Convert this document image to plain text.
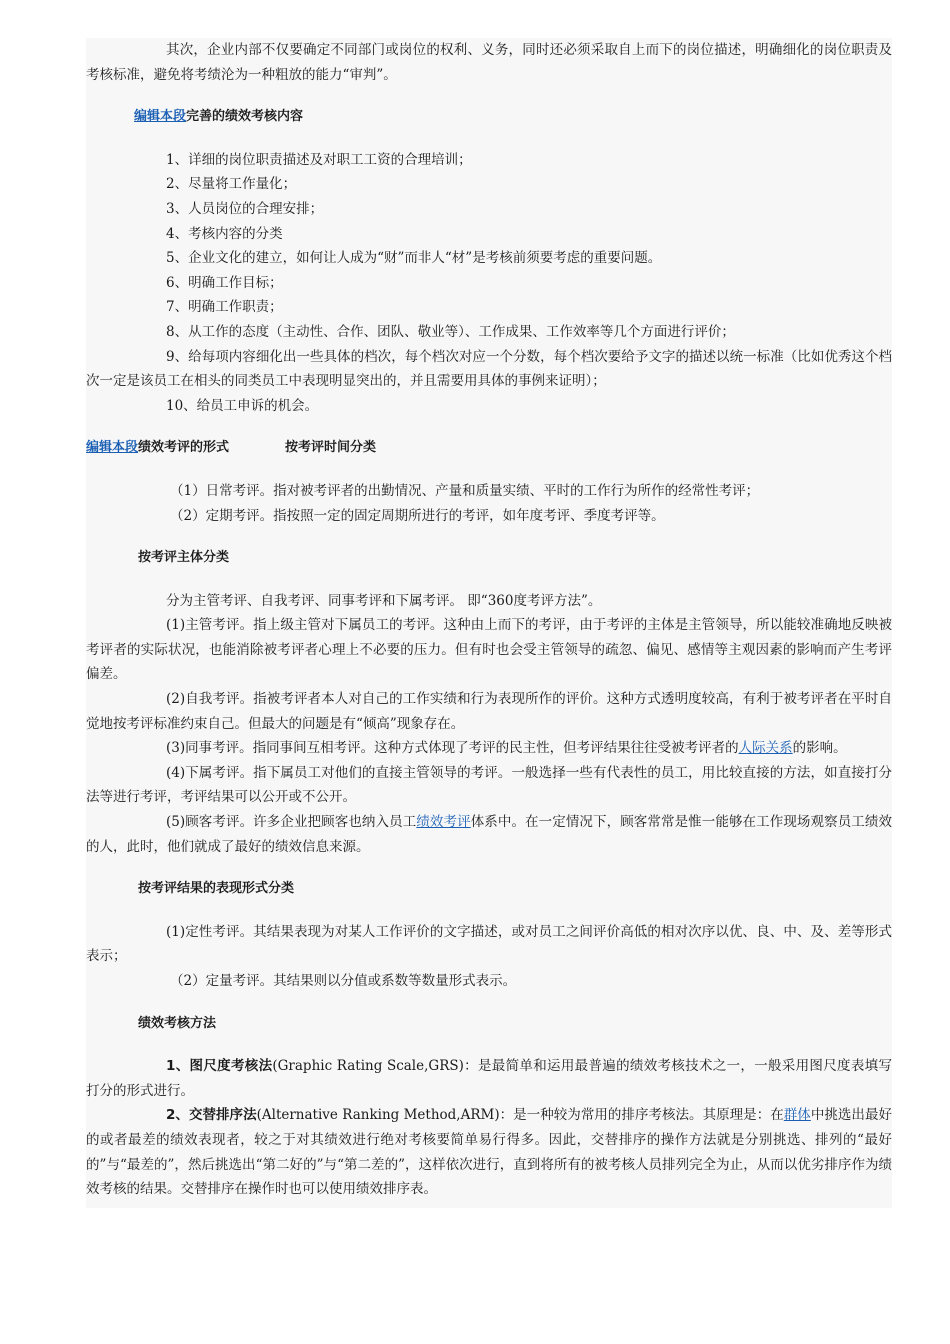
其次，企业内部不仅要确定不同部门或岗位的权利、义务，同时还必须采取自上而下的岗位描述，明确细化的岗位职责及考核标准，避免将考绩沦为一种粗放的能力“审判”。

编辑本段完善的绩效考核内容

1、详细的岗位职责描述及对职工工资的合理培训；

2、尽量将工作量化；

3、人员岗位的合理安排；

4、考核内容的分类

5、企业文化的建立，如何让人成为“财”而非人“材”是考核前须要考虑的重要问题。

6、明确工作目标；

7、明确工作职责；

8、从工作的态度（主动性、合作、团队、敬业等）、工作成果、工作效率等几个方面进行评价；

9、给每项内容细化出一些具体的档次，每个档次对应一个分数，每个档次要给予文字的描述以统一标准（比如优秀这个档次一定是该员工在相头的同类员工中表现明显突出的，并且需要用具体的事例来证明）；

10、给员工申诉的机会。

编辑本段绩效考评的形式	按考评时间分类

（1）日常考评。指对被考评者的出勤情况、产量和质量实绩、平时的工作行为所作的经常性考评；

（2）定期考评。指按照一定的固定周期所进行的考评，如年度考评、季度考评等。

按考评主体分类

分为主管考评、自我考评、同事考评和下属考评。 即“360度考评方法”。

(1)主管考评。指上级主管对下属员工的考评。这种由上而下的考评，由于考评的主体是主管领导，所以能较准确地反映被考评者的实际状况，也能消除被考评者心理上不必要的压力。但有时也会受主管领导的疏忽、偏见、感情等主观因素的影响而产生考评偏差。

(2)自我考评。指被考评者本人对自己的工作实绩和行为表现所作的评价。这种方式透明度较高，有利于被考评者在平时自觉地按考评标准约束自己。但最大的问题是有“倾高”现象存在。

(3)同事考评。指同事间互相考评。这种方式体现了考评的民主性，但考评结果往往受被考评者的人际关系的影响。

(4)下属考评。指下属员工对他们的直接主管领导的考评。一般选择一些有代表性的员工，用比较直接的方法，如直接打分法等进行考评，考评结果可以公开或不公开。

(5)顾客考评。许多企业把顾客也纳入员工绩效考评体系中。在一定情况下，顾客常常是惟一能够在工作现场观察员工绩效的人，此时，他们就成了最好的绩效信息来源。

按考评结果的表现形式分类

(1)定性考评。其结果表现为对某人工作评价的文字描述，或对员工之间评价高低的相对次序以优、良、中、及、差等形式表示；

（2）定量考评。其结果则以分值或系数等数量形式表示。

绩效考核方法

1、图尺度考核法(Graphic Rating Scale,GRS)：是最简单和运用最普遍的绩效考核技术之一，一般采用图尺度表填写打分的形式进行。

2、交替排序法(Alternative Ranking Method,ARM)：是一种较为常用的排序考核法。其原理是：在群体中挑选出最好的或者最差的绩效表现者，较之于对其绩效进行绝对考核要简单易行得多。因此，交替排序的操作方法就是分别挑选、排列的“最好的”与“最差的”，然后挑选出“第二好的”与“第二差的”，这样依次进行，直到将所有的被考核人员排列完全为止，从而以优劣排序作为绩效考核的结果。交替排序在操作时也可以使用绩效排序表。
